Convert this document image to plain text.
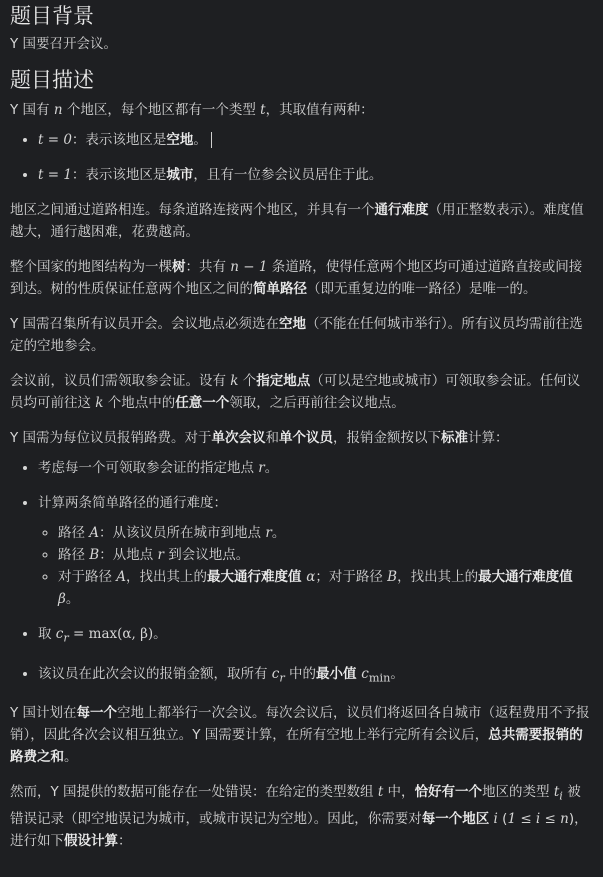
题目背景

Y 国要召开会议。

题目描述

Y 国有 n 个地区，每个地区都有一个类型 t，其取值有两种：

• t = 0：表示该地区是空地。
• t = 1：表示该地区是城市，且有一位参会议员居住于此。

地区之间通过道路相连。每条道路连接两个地区，并具有一个通行难度（用正整数表示）。难度值越大，通行越困难，花费越高。

整个国家的地图结构为一棵树：共有 n − 1 条道路，使得任意两个地区均可通过道路直接或间接到达。树的性质保证任意两个地区之间的简单路径（即无重复边的唯一路径）是唯一的。

Y 国需召集所有议员开会。会议地点必须选在空地（不能在任何城市举行）。所有议员均需前往选定的空地参会。

会议前，议员们需领取参会证。设有 k 个指定地点（可以是空地或城市）可领取参会证。任何议员均可前往这 k 个地点中的任意一个领取，之后再前往会议地点。

Y 国需为每位议员报销路费。对于单次会议和单个议员，报销金额按以下标准计算：

• 考虑每一个可领取参会证的指定地点 r。
• 计算两条简单路径的通行难度：
◦ 路径 A：从该议员所在城市到地点 r。
◦ 路径 B：从地点 r 到会议地点。
◦ 对于路径 A，找出其上的最大通行难度值 α；对于路径 B，找出其上的最大通行难度值 β。
• 取 $c_r = \max(\alpha$, β)。
• 该议员在此次会议的报销金额，取所有 $c_r$ 中的最小值 $c_{min}$。

Y 国计划在每一个空地上都举行一次会议。每次会议后，议员们将返回各自城市（返程费用不予报销），因此各次会议相互独立。Y 国需要计算，在所有空地上举行完所有会议后，总共需要报销的路费之和。

然而，Y 国提供的数据可能存在一处错误：在给定的类型数组 t 中，恰好有一个地区的类型 $t_i$ 被错误记录（即空地误记为城市，或城市误记为空地）。因此，你需要对每一个地区 i (1 ≤ i ≤ n)，进行如下假设计算：
